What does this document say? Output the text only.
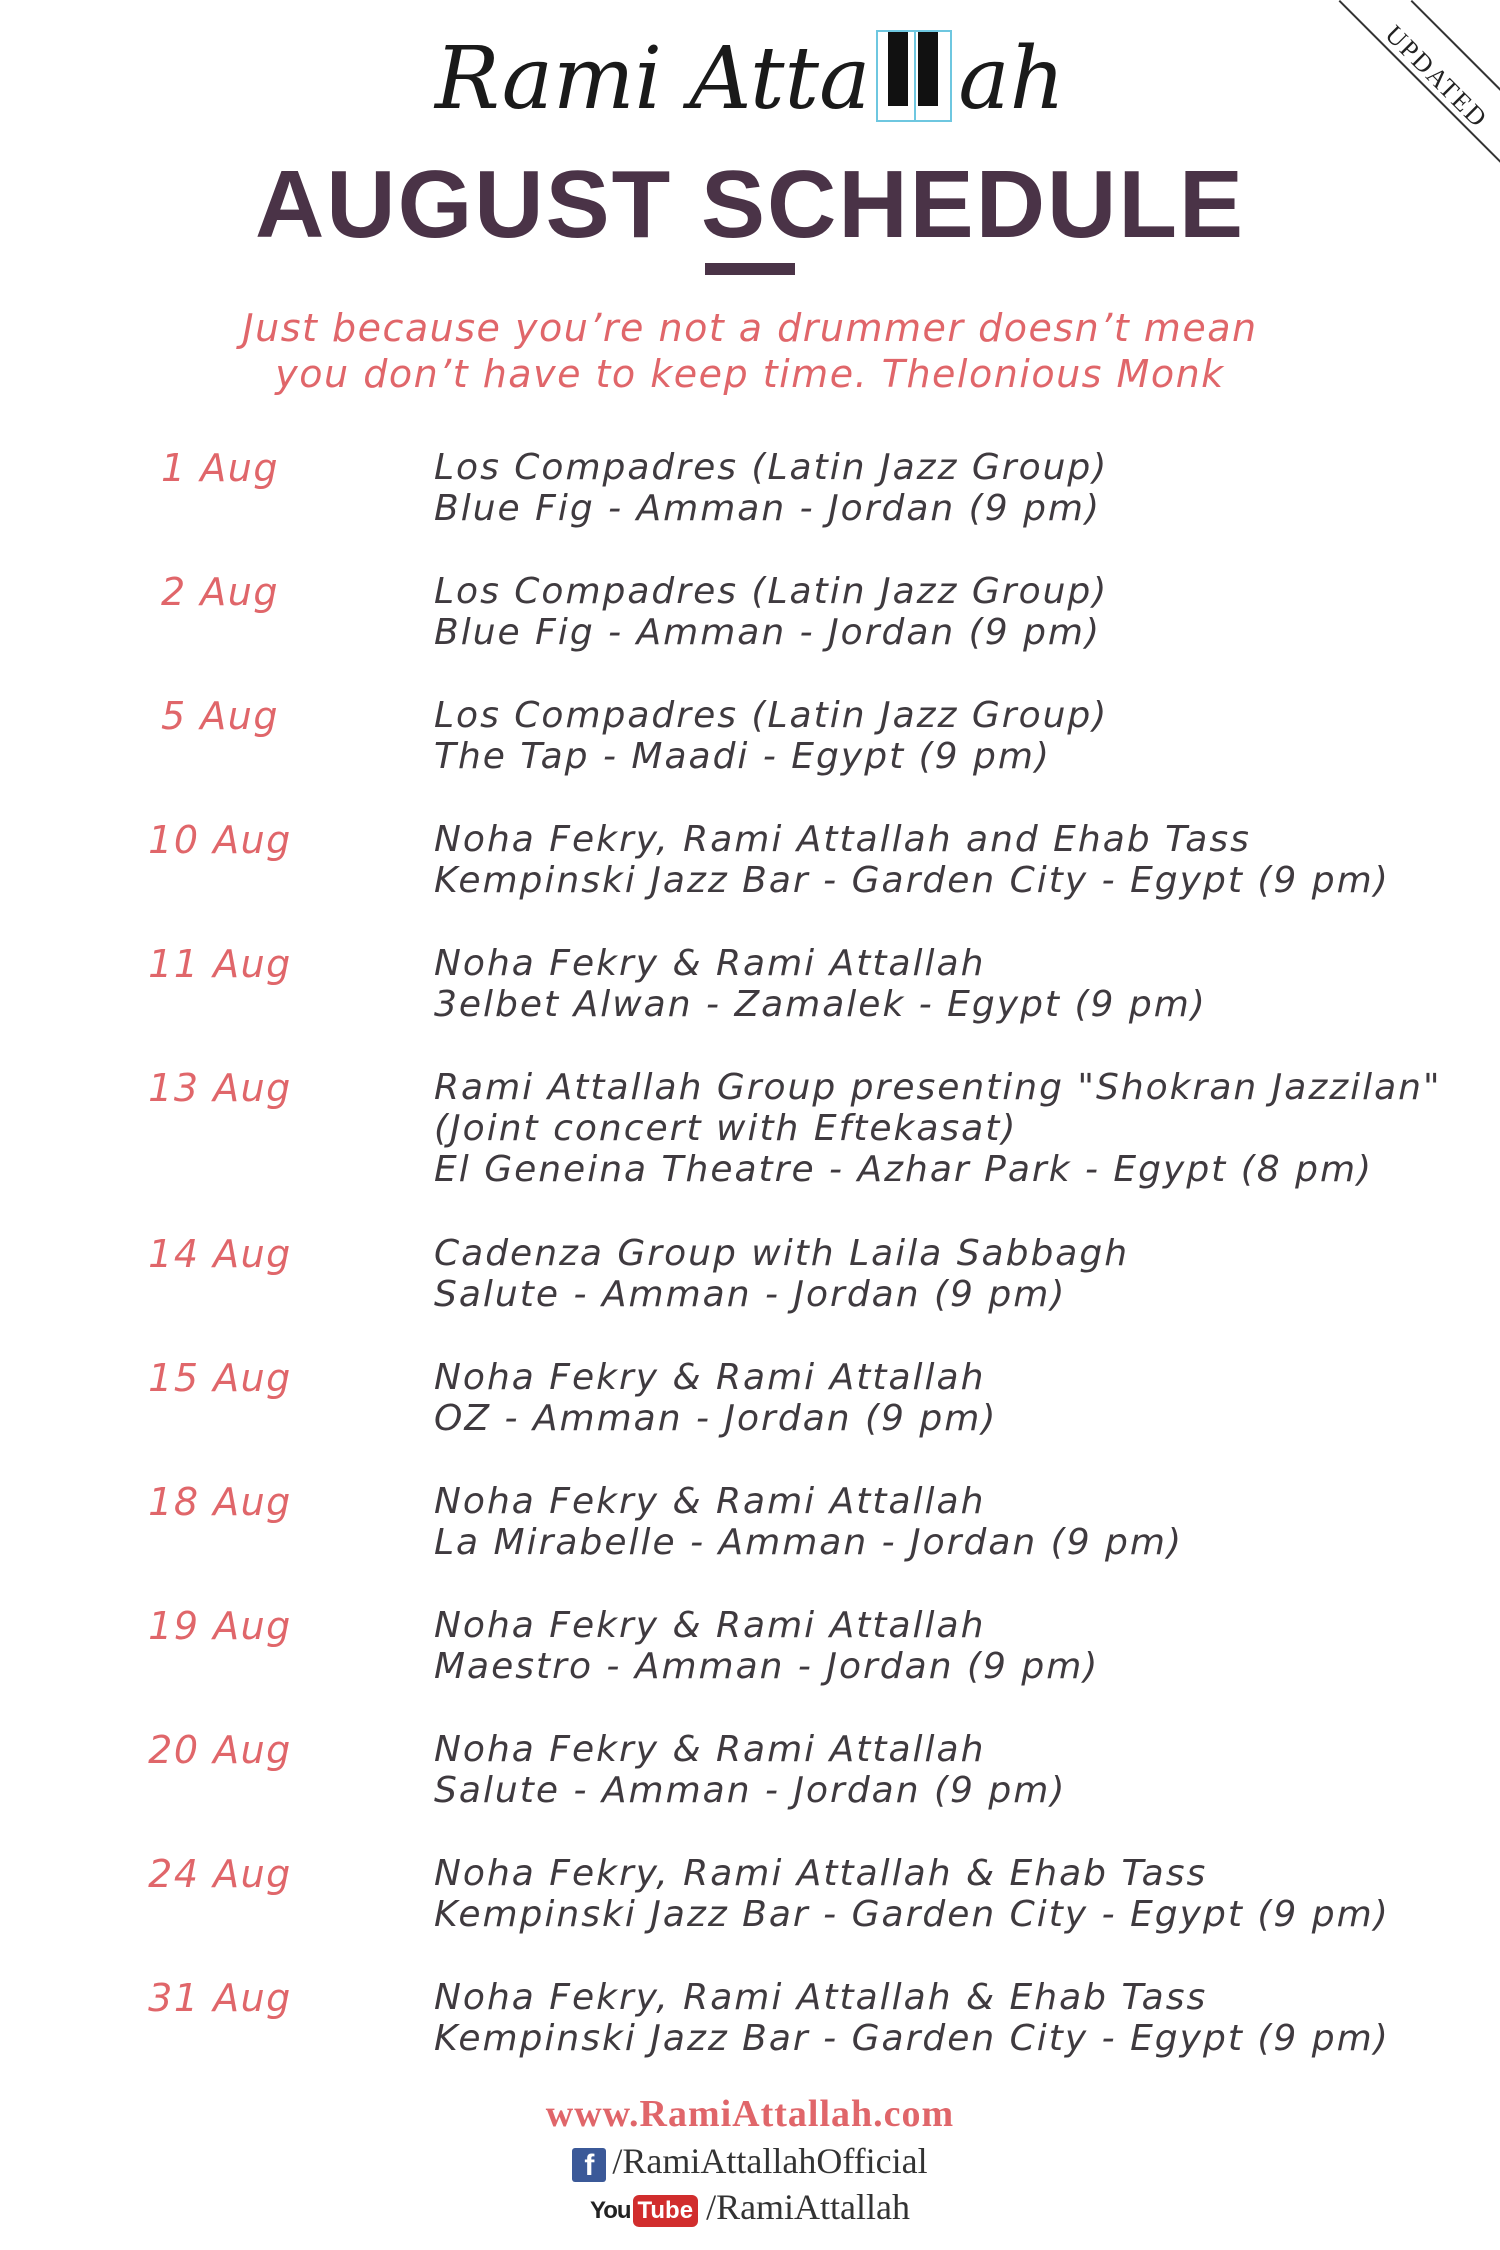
UPDATED
Rami Atta ah
AUGUST SCHEDULE
Just because you’re not a drummer doesn’t mean
you don’t have to keep time. Thelonious Monk
1 Aug	Los Compadres (Latin Jazz Group)
Blue Fig - Amman - Jordan (9 pm)
2 Aug	Los Compadres (Latin Jazz Group)
Blue Fig - Amman - Jordan (9 pm)
5 Aug	Los Compadres (Latin Jazz Group)
The Tap - Maadi - Egypt (9 pm)
10 Aug	Noha Fekry, Rami Attallah and Ehab Tass
Kempinski Jazz Bar - Garden City - Egypt (9 pm)
11 Aug	Noha Fekry & Rami Attallah
3elbet Alwan - Zamalek - Egypt (9 pm)
13 Aug	Rami Attallah Group presenting "Shokran Jazzilan"
(Joint concert with Eftekasat)
El Geneina Theatre - Azhar Park - Egypt (8 pm)
14 Aug	Cadenza Group with Laila Sabbagh
Salute - Amman - Jordan (9 pm)
15 Aug	Noha Fekry & Rami Attallah
OZ - Amman - Jordan (9 pm)
18 Aug	Noha Fekry & Rami Attallah
La Mirabelle - Amman - Jordan (9 pm)
19 Aug	Noha Fekry & Rami Attallah
Maestro - Amman - Jordan (9 pm)
20 Aug	Noha Fekry & Rami Attallah
Salute - Amman - Jordan (9 pm)
24 Aug	Noha Fekry, Rami Attallah & Ehab Tass
Kempinski Jazz Bar - Garden City - Egypt (9 pm)
31 Aug	Noha Fekry, Rami Attallah & Ehab Tass
Kempinski Jazz Bar - Garden City - Egypt (9 pm)
www.RamiAttallah.com
f /RamiAttallahOfficial
You Tube /RamiAttallah
